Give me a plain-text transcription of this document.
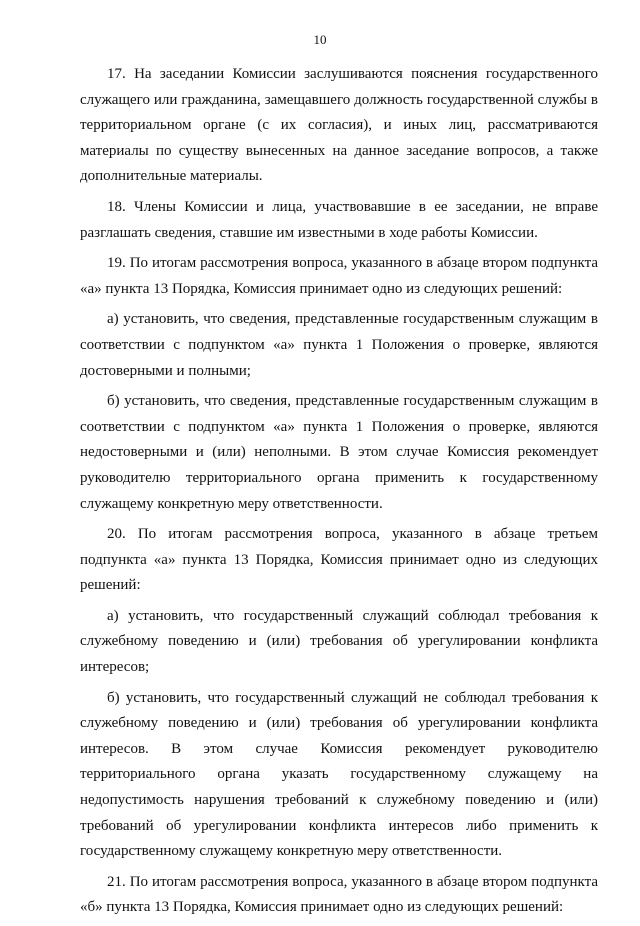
10

17. На заседании Комиссии заслушиваются пояснения государственного служащего или гражданина, замещавшего должность государственной службы в территориальном органе (с их согласия), и иных лиц, рассматриваются материалы по существу вынесенных на данное заседание вопросов, а также дополнительные материалы.

18. Члены Комиссии и лица, участвовавшие в ее заседании, не вправе разглашать сведения, ставшие им известными в ходе работы Комиссии.

19. По итогам рассмотрения вопроса, указанного в абзаце втором подпункта «а» пункта 13 Порядка, Комиссия принимает одно из следующих решений:

а) установить, что сведения, представленные государственным служащим в соответствии с подпунктом «а» пункта 1 Положения о проверке, являются достоверными и полными;

б) установить, что сведения, представленные государственным служащим в соответствии с подпунктом «а» пункта 1 Положения о проверке, являются недостоверными и (или) неполными. В этом случае Комиссия рекомендует руководителю территориального органа применить к государственному служащему конкретную меру ответственности.

20. По итогам рассмотрения вопроса, указанного в абзаце третьем подпункта «а» пункта 13 Порядка, Комиссия принимает одно из следующих решений:

а) установить, что государственный служащий соблюдал требования к служебному поведению и (или) требования об урегулировании конфликта интересов;

б) установить, что государственный служащий не соблюдал требования к служебному поведению и (или) требования об урегулировании конфликта интересов. В этом случае Комиссия рекомендует руководителю территориального органа указать государственному служащему на недопустимость нарушения требований к служебному поведению и (или) требований об урегулировании конфликта интересов либо применить к государственному служащему конкретную меру ответственности.

21. По итогам рассмотрения вопроса, указанного в абзаце втором подпункта «б» пункта 13 Порядка, Комиссия принимает одно из следующих решений:
